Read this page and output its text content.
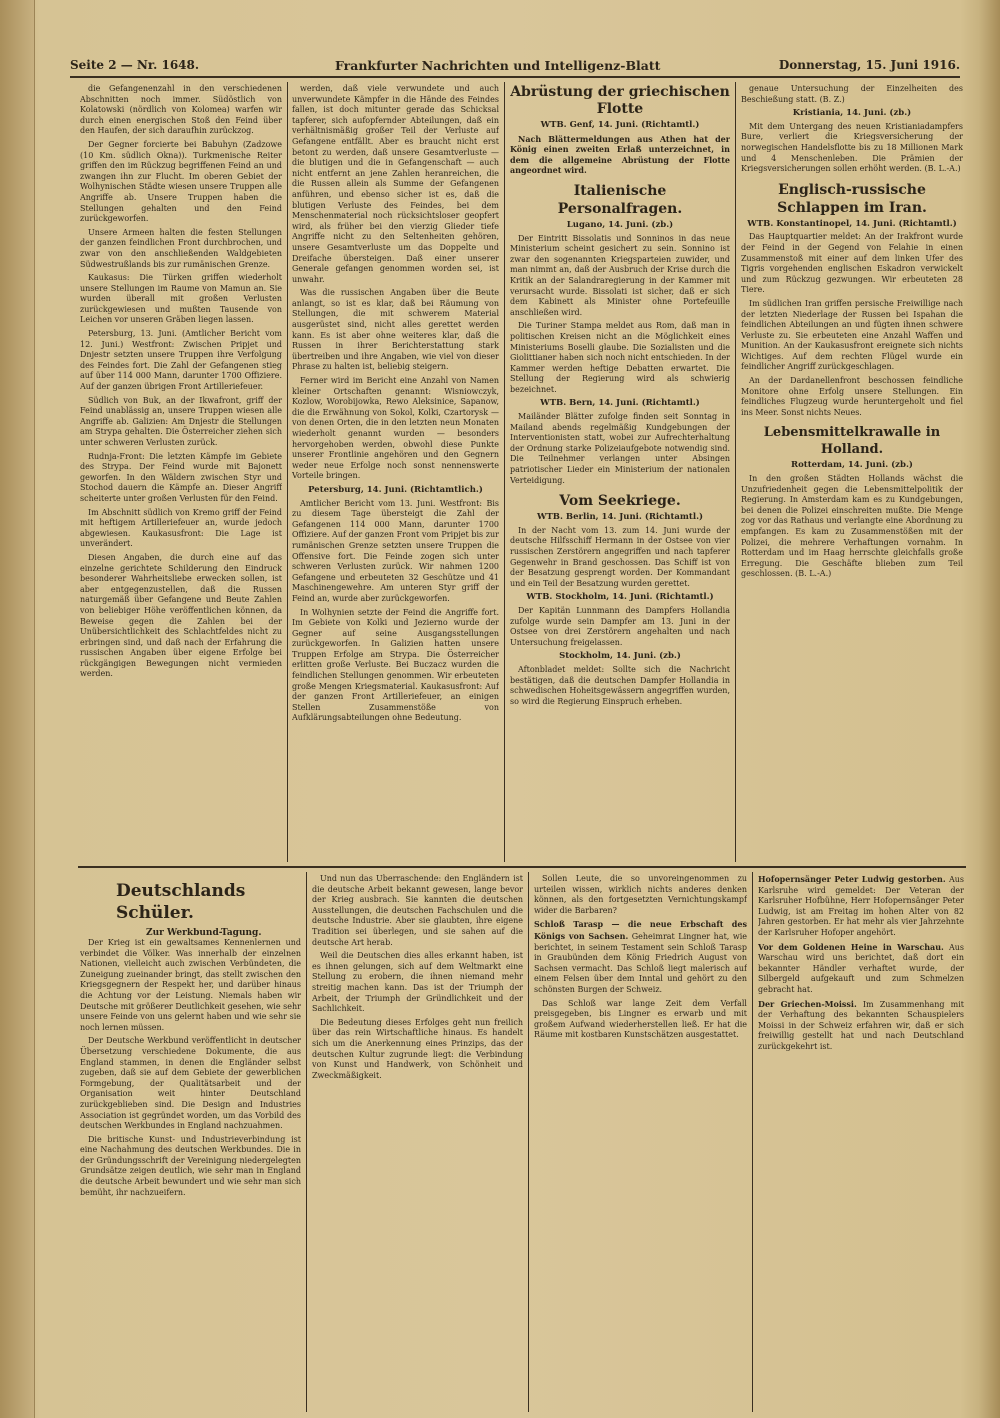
Seite 2 — Nr. 1648.	Frankfurter Nachrichten und Intelligenz-Blatt	Donnerstag, 15. Juni 1916.

die Gefangenenzahl in den verschiedenen Abschnitten noch immer. Südöstlich von Kolatowski (nördlich von Kolomea) warfen wir durch einen energischen Stoß den Feind über den Haufen, der sich daraufhin zurückzog.

Der Gegner forcierte bei Babuhyn (Zadzowe (10 Km. südlich Okna)). Turkmenische Reiter griffen den im Rückzug begriffenen Feind an und zwangen ihn zur Flucht. Im oberen Gebiet der Wolhynischen Städte wiesen unsere Truppen alle Angriffe ab. Unsere Truppen haben die Stellungen gehalten und den Feind zurückgeworfen.

Unsere Armeen halten die festen Stellungen der ganzen feindlichen Front durchbrochen, und zwar von den anschließenden Waldgebieten Südwestrußlands bis zur rumänischen Grenze.

Kaukasus: Die Türken griffen wiederholt unsere Stellungen im Raume von Mamun an. Sie wurden überall mit großen Verlusten zurückgewiesen und mußten Tausende von Leichen vor unseren Gräben liegen lassen.

Petersburg, 13. Juni. (Amtlicher Bericht vom 12. Juni.) Westfront: Zwischen Pripjet und Dnjestr setzten unsere Truppen ihre Verfolgung des Feindes fort. Die Zahl der Gefangenen stieg auf über 114 000 Mann, darunter 1700 Offiziere. Auf der ganzen übrigen Front Artilleriefeuer.

Südlich von Buk, an der Ikwafront, griff der Feind unablässig an, unsere Truppen wiesen alle Angriffe ab. Galizien: Am Dnjestr die Stellungen am Strypa gehalten. Die Österreicher ziehen sich unter schweren Verlusten zurück.

Rudnja-Front: Die letzten Kämpfe im Gebiete des Strypa. Der Feind wurde mit Bajonett geworfen. In den Wäldern zwischen Styr und Stochod dauern die Kämpfe an. Dieser Angriff scheiterte unter großen Verlusten für den Feind.

Im Abschnitt südlich von Kremo griff der Feind mit heftigem Artilleriefeuer an, wurde jedoch abgewiesen. Kaukasusfront: Die Lage ist unverändert.

Diesen Angaben, die durch eine auf das einzelne gerichtete Schilderung den Eindruck besonderer Wahrheitsliebe erwecken sollen, ist aber entgegenzustellen, daß die Russen naturgemäß über Gefangene und Beute Zahlen von beliebiger Höhe veröffentlichen können, da Beweise gegen die Zahlen bei der Unübersichtlichkeit des Schlachtfeldes nicht zu erbringen sind, und daß nach der Erfahrung die russischen Angaben über eigene Erfolge bei rückgängigen Bewegungen nicht vermieden werden.

werden, daß viele verwundete und auch unverwundete Kämpfer in die Hände des Feindes fallen, ist doch mitunter gerade das Schicksal tapferer, sich aufopfernder Abteilungen, daß ein verhältnismäßig großer Teil der Verluste auf Gefangene entfällt. Aber es braucht nicht erst betont zu werden, daß unsere Gesamtverluste — die blutigen und die in Gefangenschaft — auch nicht entfernt an jene Zahlen heranreichen, die die Russen allein als Summe der Gefangenen anführen, und ebenso sicher ist es, daß die blutigen Verluste des Feindes, bei dem Menschenmaterial noch rücksichtsloser geopfert wird, als früher bei den vierzig Glieder tiefe Angriffe nicht zu den Seltenheiten gehören, unsere Gesamtverluste um das Doppelte und Dreifache übersteigen. Daß einer unserer Generale gefangen genommen worden sei, ist unwahr.

Was die russischen Angaben über die Beute anlangt, so ist es klar, daß bei Räumung von Stellungen, die mit schwerem Material ausgerüstet sind, nicht alles gerettet werden kann. Es ist aber ohne weiteres klar, daß die Russen in ihrer Berichterstattung stark übertreiben und ihre Angaben, wie viel von dieser Phrase zu halten ist, beliebig steigern.

Ferner wird im Bericht eine Anzahl von Namen kleiner Ortschaften genannt: Wisniowczyk, Kozlow, Worobijowka, Rewo Aleksinice, Sapanow, die die Erwähnung von Sokol, Kolki, Czartorysk — von denen Orten, die in den letzten neun Monaten wiederholt genannt wurden — besonders hervorgehoben werden, obwohl diese Punkte unserer Frontlinie angehören und den Gegnern weder neue Erfolge noch sonst nennenswerte Vorteile bringen.

Petersburg, 14. Juni. (Richtamtlich.)

Amtlicher Bericht vom 13. Juni. Westfront: Bis zu diesem Tage übersteigt die Zahl der Gefangenen 114 000 Mann, darunter 1700 Offiziere. Auf der ganzen Front vom Pripjet bis zur rumänischen Grenze setzten unsere Truppen die Offensive fort. Die Feinde zogen sich unter schweren Verlusten zurück. Wir nahmen 1200 Gefangene und erbeuteten 32 Geschütze und 41 Maschinengewehre. Am unteren Styr griff der Feind an, wurde aber zurückgeworfen.

In Wolhynien setzte der Feind die Angriffe fort. Im Gebiete von Kolki und Jezierno wurde der Gegner auf seine Ausgangsstellungen zurückgeworfen. In Galizien hatten unsere Truppen Erfolge am Strypa. Die Österreicher erlitten große Verluste. Bei Buczacz wurden die feindlichen Stellungen genommen. Wir erbeuteten große Mengen Kriegsmaterial. Kaukasusfront: Auf der ganzen Front Artilleriefeuer, an einigen Stellen Zusammenstöße von Aufklärungsabteilungen ohne Bedeutung.

Abrüstung der griechischen Flotte
WTB. Genf, 14. Juni. (Richtamtl.)

Nach Blättermeldungen aus Athen hat der König einen zweiten Erlaß unterzeichnet, in dem die allgemeine Abrüstung der Flotte angeordnet wird.

Italienische Personalfragen.
Lugano, 14. Juni. (zb.)

Der Eintritt Bissolatis und Sonninos in das neue Ministerium scheint gesichert zu sein. Sonnino ist zwar den sogenannten Kriegsparteien zuwider, und man nimmt an, daß der Ausbruch der Krise durch die Kritik an der Salandraregierung in der Kammer mit verursacht wurde. Bissolati ist sicher, daß er sich dem Kabinett als Minister ohne Portefeuille anschließen wird.

Die Turiner Stampa meldet aus Rom, daß man in politischen Kreisen nicht an die Möglichkeit eines Ministeriums Boselli glaube. Die Sozialisten und die Giolittianer haben sich noch nicht entschieden. In der Kammer werden heftige Debatten erwartet. Die Stellung der Regierung wird als schwierig bezeichnet.

WTB. Bern, 14. Juni. (Richtamtl.)

Mailänder Blätter zufolge finden seit Sonntag in Mailand abends regelmäßig Kundgebungen der Interventionisten statt, wobei zur Aufrechterhaltung der Ordnung starke Polizeiaufgebote notwendig sind. Die Teilnehmer verlangen unter Absingen patriotischer Lieder ein Ministerium der nationalen Verteidigung.

Vom Seekriege.
WTB. Berlin, 14. Juni. (Richtamtl.)

In der Nacht vom 13. zum 14. Juni wurde der deutsche Hilfsschiff Hermann in der Ostsee von vier russischen Zerstörern angegriffen und nach tapferer Gegenwehr in Brand geschossen. Das Schiff ist von der Besatzung gesprengt worden. Der Kommandant und ein Teil der Besatzung wurden gerettet.

WTB. Stockholm, 14. Juni. (Richtamtl.)

Der Kapitän Lunnmann des Dampfers Hollandia zufolge wurde sein Dampfer am 13. Juni in der Ostsee von drei Zerstörern angehalten und nach Untersuchung freigelassen.

Stockholm, 14. Juni. (zb.)

Aftonbladet meldet: Sollte sich die Nachricht bestätigen, daß die deutschen Dampfer Hollandia in schwedischen Hoheitsgewässern angegriffen wurden, so wird die Regierung Einspruch erheben.

genaue Untersuchung der Einzelheiten des Beschießung statt. (B. Z.)

Kristiania, 14. Juni. (zb.)

Mit dem Untergang des neuen Kristianiadampfers Bure, verliert die Kriegsversicherung der norwegischen Handelsflotte bis zu 18 Millionen Mark und 4 Menschenleben. Die Prämien der Kriegsversicherungen sollen erhöht werden. (B. L.-A.)

Englisch-russische Schlappen im Iran.
WTB. Konstantinopel, 14. Juni. (Richtamtl.)

Das Hauptquartier meldet: An der Irakfront wurde der Feind in der Gegend von Felahie in einen Zusammenstoß mit einer auf dem linken Ufer des Tigris vorgehenden englischen Eskadron verwickelt und zum Rückzug gezwungen. Wir erbeuteten 28 Tiere.

Im südlichen Iran griffen persische Freiwillige nach der letzten Niederlage der Russen bei Ispahan die feindlichen Abteilungen an und fügten ihnen schwere Verluste zu. Sie erbeuteten eine Anzahl Waffen und Munition. An der Kaukasusfront ereignete sich nichts Wichtiges. Auf dem rechten Flügel wurde ein feindlicher Angriff zurückgeschlagen.

An der Dardanellenfront beschossen feindliche Monitore ohne Erfolg unsere Stellungen. Ein feindliches Flugzeug wurde heruntergeholt und fiel ins Meer. Sonst nichts Neues.

Lebensmittelkrawalle in Holland.
Rotterdam, 14. Juni. (zb.)

In den großen Städten Hollands wächst die Unzufriedenheit gegen die Lebensmittelpolitik der Regierung. In Amsterdam kam es zu Kundgebungen, bei denen die Polizei einschreiten mußte. Die Menge zog vor das Rathaus und verlangte eine Abordnung zu empfangen. Es kam zu Zusammenstößen mit der Polizei, die mehrere Verhaftungen vornahm. In Rotterdam und im Haag herrschte gleichfalls große Erregung. Die Geschäfte blieben zum Teil geschlossen. (B. L.-A.)

Deutschlands Schüler.
Zur Werkbund-Tagung.

Der Krieg ist ein gewaltsames Kennenlernen und verbindet die Völker. Was innerhalb der einzelnen Nationen, vielleicht auch zwischen Verbündeten, die Zuneigung zueinander bringt, das stellt zwischen den Kriegsgegnern der Respekt her, und darüber hinaus die Achtung vor der Leistung. Niemals haben wir Deutsche mit größerer Deutlichkeit gesehen, wie sehr unsere Feinde von uns gelernt haben und wie sehr sie noch lernen müssen.

Der Deutsche Werkbund veröffentlicht in deutscher Übersetzung verschiedene Dokumente, die aus England stammen, in denen die Engländer selbst zugeben, daß sie auf dem Gebiete der gewerblichen Formgebung, der Qualitätsarbeit und der Organisation weit hinter Deutschland zurückgeblieben sind. Die Design and Industries Association ist gegründet worden, um das Vorbild des deutschen Werkbundes in England nachzuahmen.

Die britische Kunst- und Industrieverbindung ist eine Nachahmung des deutschen Werkbundes. Die in der Gründungsschrift der Vereinigung niedergelegten Grundsätze zeigen deutlich, wie sehr man in England die deutsche Arbeit bewundert und wie sehr man sich bemüht, ihr nachzueifern.

Und nun das Überraschende: den Engländern ist die deutsche Arbeit bekannt gewesen, lange bevor der Krieg ausbrach. Sie kannten die deutschen Ausstellungen, die deutschen Fachschulen und die deutsche Industrie. Aber sie glaubten, ihre eigene Tradition sei überlegen, und sie sahen auf die deutsche Art herab.

Weil die Deutschen dies alles erkannt haben, ist es ihnen gelungen, sich auf dem Weltmarkt eine Stellung zu erobern, die ihnen niemand mehr streitig machen kann. Das ist der Triumph der Arbeit, der Triumph der Gründlichkeit und der Sachlichkeit.

Die Bedeutung dieses Erfolges geht nun freilich über das rein Wirtschaftliche hinaus. Es handelt sich um die Anerkennung eines Prinzips, das der deutschen Kultur zugrunde liegt: die Verbindung von Kunst und Handwerk, von Schönheit und Zweckmäßigkeit.

Sollen Leute, die so unvoreingenommen zu urteilen wissen, wirklich nichts anderes denken können, als den fortgesetzten Vernichtungskampf wider die Barbaren?

Schloß Tarasp — die neue Erbschaft des Königs von Sachsen. Geheimrat Lingner hat, wie berichtet, in seinem Testament sein Schloß Tarasp in Graubünden dem König Friedrich August von Sachsen vermacht. Das Schloß liegt malerisch auf einem Felsen über dem Inntal und gehört zu den schönsten Burgen der Schweiz.

Das Schloß war lange Zeit dem Verfall preisgegeben, bis Lingner es erwarb und mit großem Aufwand wiederherstellen ließ. Er hat die Räume mit kostbaren Kunstschätzen ausgestattet.

Hofopernsänger Peter Ludwig gestorben. Aus Karlsruhe wird gemeldet: Der Veteran der Karlsruher Hofbühne, Herr Hofopernsänger Peter Ludwig, ist am Freitag im hohen Alter von 82 Jahren gestorben. Er hat mehr als vier Jahrzehnte der Karlsruher Hofoper angehört.

Vor dem Goldenen Heine in Warschau. Aus Warschau wird uns berichtet, daß dort ein bekannter Händler verhaftet wurde, der Silbergeld aufgekauft und zum Schmelzen gebracht hat.

Der Griechen-Moissi. Im Zusammenhang mit der Verhaftung des bekannten Schauspielers Moissi in der Schweiz erfahren wir, daß er sich freiwillig gestellt hat und nach Deutschland zurückgekehrt ist.
